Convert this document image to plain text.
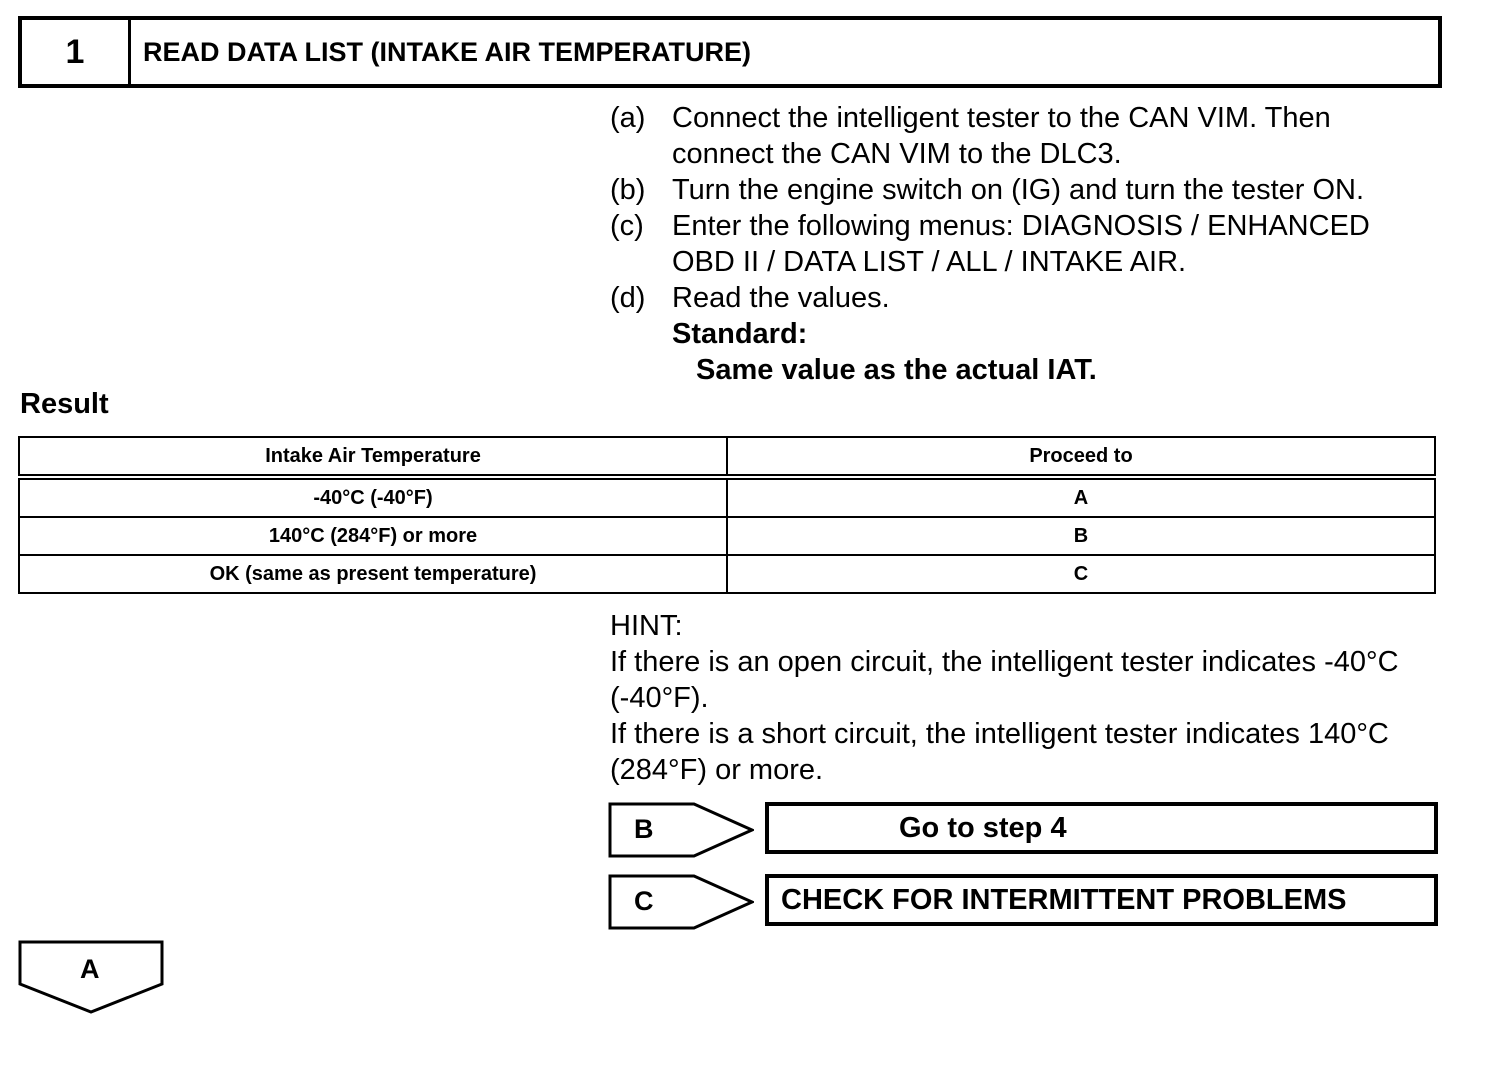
1	READ DATA LIST (INTAKE AIR TEMPERATURE)
(a) Connect the intelligent tester to the CAN VIM. Then
connect the CAN VIM to the DLC3.
(b) Turn the engine switch on (IG) and turn the tester ON.
(c) Enter the following menus: DIAGNOSIS / ENHANCED
OBD II / DATA LIST / ALL / INTAKE AIR.
(d) Read the values.
Standard:
Same value as the actual IAT.
Result
Intake Air Temperature	Proceed to
-40°C (-40°F)	A
140°C (284°F) or more	B
OK (same as present temperature)	C
HINT:
If there is an open circuit, the intelligent tester indicates -40°C
(-40°F).
If there is a short circuit, the intelligent tester indicates 140°C
(284°F) or more.
B	Go to step 4
C	CHECK FOR INTERMITTENT PROBLEMS
A
